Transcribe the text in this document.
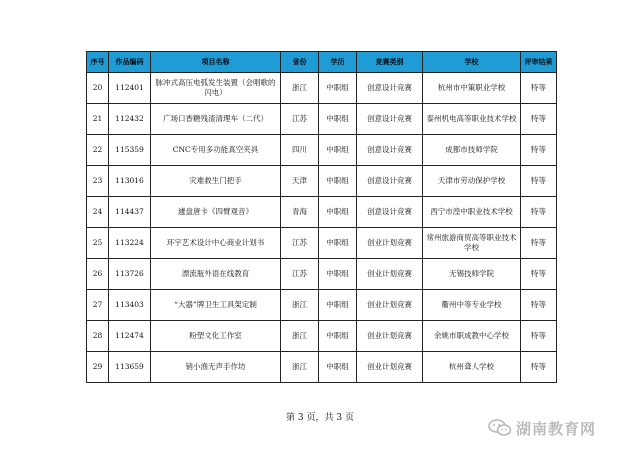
序号	作品编码	项目名称	省份	学历	竞赛类别	学校	评审结果
20	112401	脉冲式高压电弧发生装置（会唱歌的闪电）	浙江	中职组	创意设计竞赛	杭州市中策职业学校	特等
21	112432	广场口香糖残渣清理车（二代）	江苏	中职组	创意设计竞赛	泰州机电高等职业技术学校	特等
22	115359	CNC专用多功能真空夹具	四川	中职组	创意设计竞赛	成都市技师学院	特等
23	113016	灾难救生门把手	天津	中职组	创意设计竞赛	天津市劳动保护学校	特等
24	114437	遽盘唐卡《四臂观音》	青海	中职组	创意设计竞赛	西宁市湟中职业技术学校	特等
25	113224	环宇艺术设计中心商业计划书	江苏	中职组	创业计划竞赛	常州旅游商贸高等职业技术学校	特等
26	113726	漂流瓶外语在线教育	江苏	中职组	创业计划竞赛	无锡技师学院	特等
27	113403	“大器”牌卫生工具架定制	浙江	中职组	创业计划竞赛	衢州中等专业学校	特等
28	112474	粉塑文化工作室	浙江	中职组	创业计划竞赛	余姚市职成教中心学校	特等
29	113659	销小渔无声手作坊	浙江	中职组	创业计划竞赛	杭州聋人学校	特等
第 3 页，共 3 页
湖南教育网
